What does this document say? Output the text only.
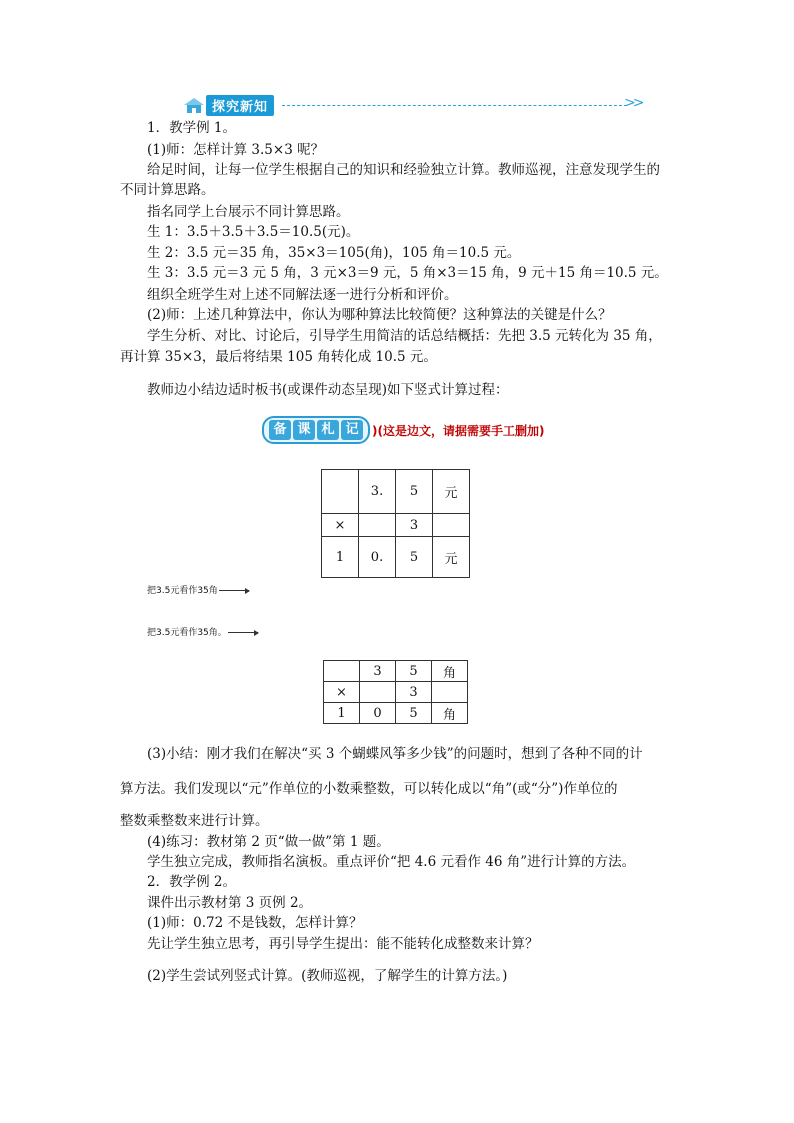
探究新知	>>

1．教学例 1。

(1)师：怎样计算 3.5×3 呢？

给足时间，让每一位学生根据自己的知识和经验独立计算。教师巡视，注意发现学生的

不同计算思路。

指名同学上台展示不同计算思路。

生 1：3.5＋3.5＋3.5＝10.5(元)。

生 2：3.5 元＝35 角，35×3＝105(角)，105 角＝10.5 元。

生 3：3.5 元＝3 元 5 角，3 元×3＝9 元，5 角×3＝15 角，9 元＋15 角＝10.5 元。

组织全班学生对上述不同解法逐一进行分析和评价。

(2)师：上述几种算法中，你认为哪种算法比较简便？这种算法的关键是什么？

学生分析、对比、讨论后，引导学生用简洁的话总结概括：先把 3.5 元转化为 35 角，

再计算 35×3，最后将结果 105 角转化成 10.5 元。

教师边小结边适时板书(或课件动态呈现)如下竖式计算过程：

备 课 札 记	)(这是边文，请据需要手工删加)
	3.	5	元
×		3	
1	0.	5	元
把3.5元看作35角
把3.5元看作35角。
	3	5	角
×		3	
1	0	5	角

(3)小结：刚才我们在解决“买 3 个蝴蝶风筝多少钱”的问题时，想到了各种不同的计

算方法。我们发现以“元”作单位的小数乘整数，可以转化成以“角”(或“分”)作单位的

整数乘整数来进行计算。

(4)练习：教材第 2 页“做一做”第 1 题。

学生独立完成，教师指名演板。重点评价“把 4.6 元看作 46 角”进行计算的方法。

2．教学例 2。

课件出示教材第 3 页例 2。

(1)师：0.72 不是钱数，怎样计算？

先让学生独立思考，再引导学生提出：能不能转化成整数来计算？

(2)学生尝试列竖式计算。(教师巡视，了解学生的计算方法。)
